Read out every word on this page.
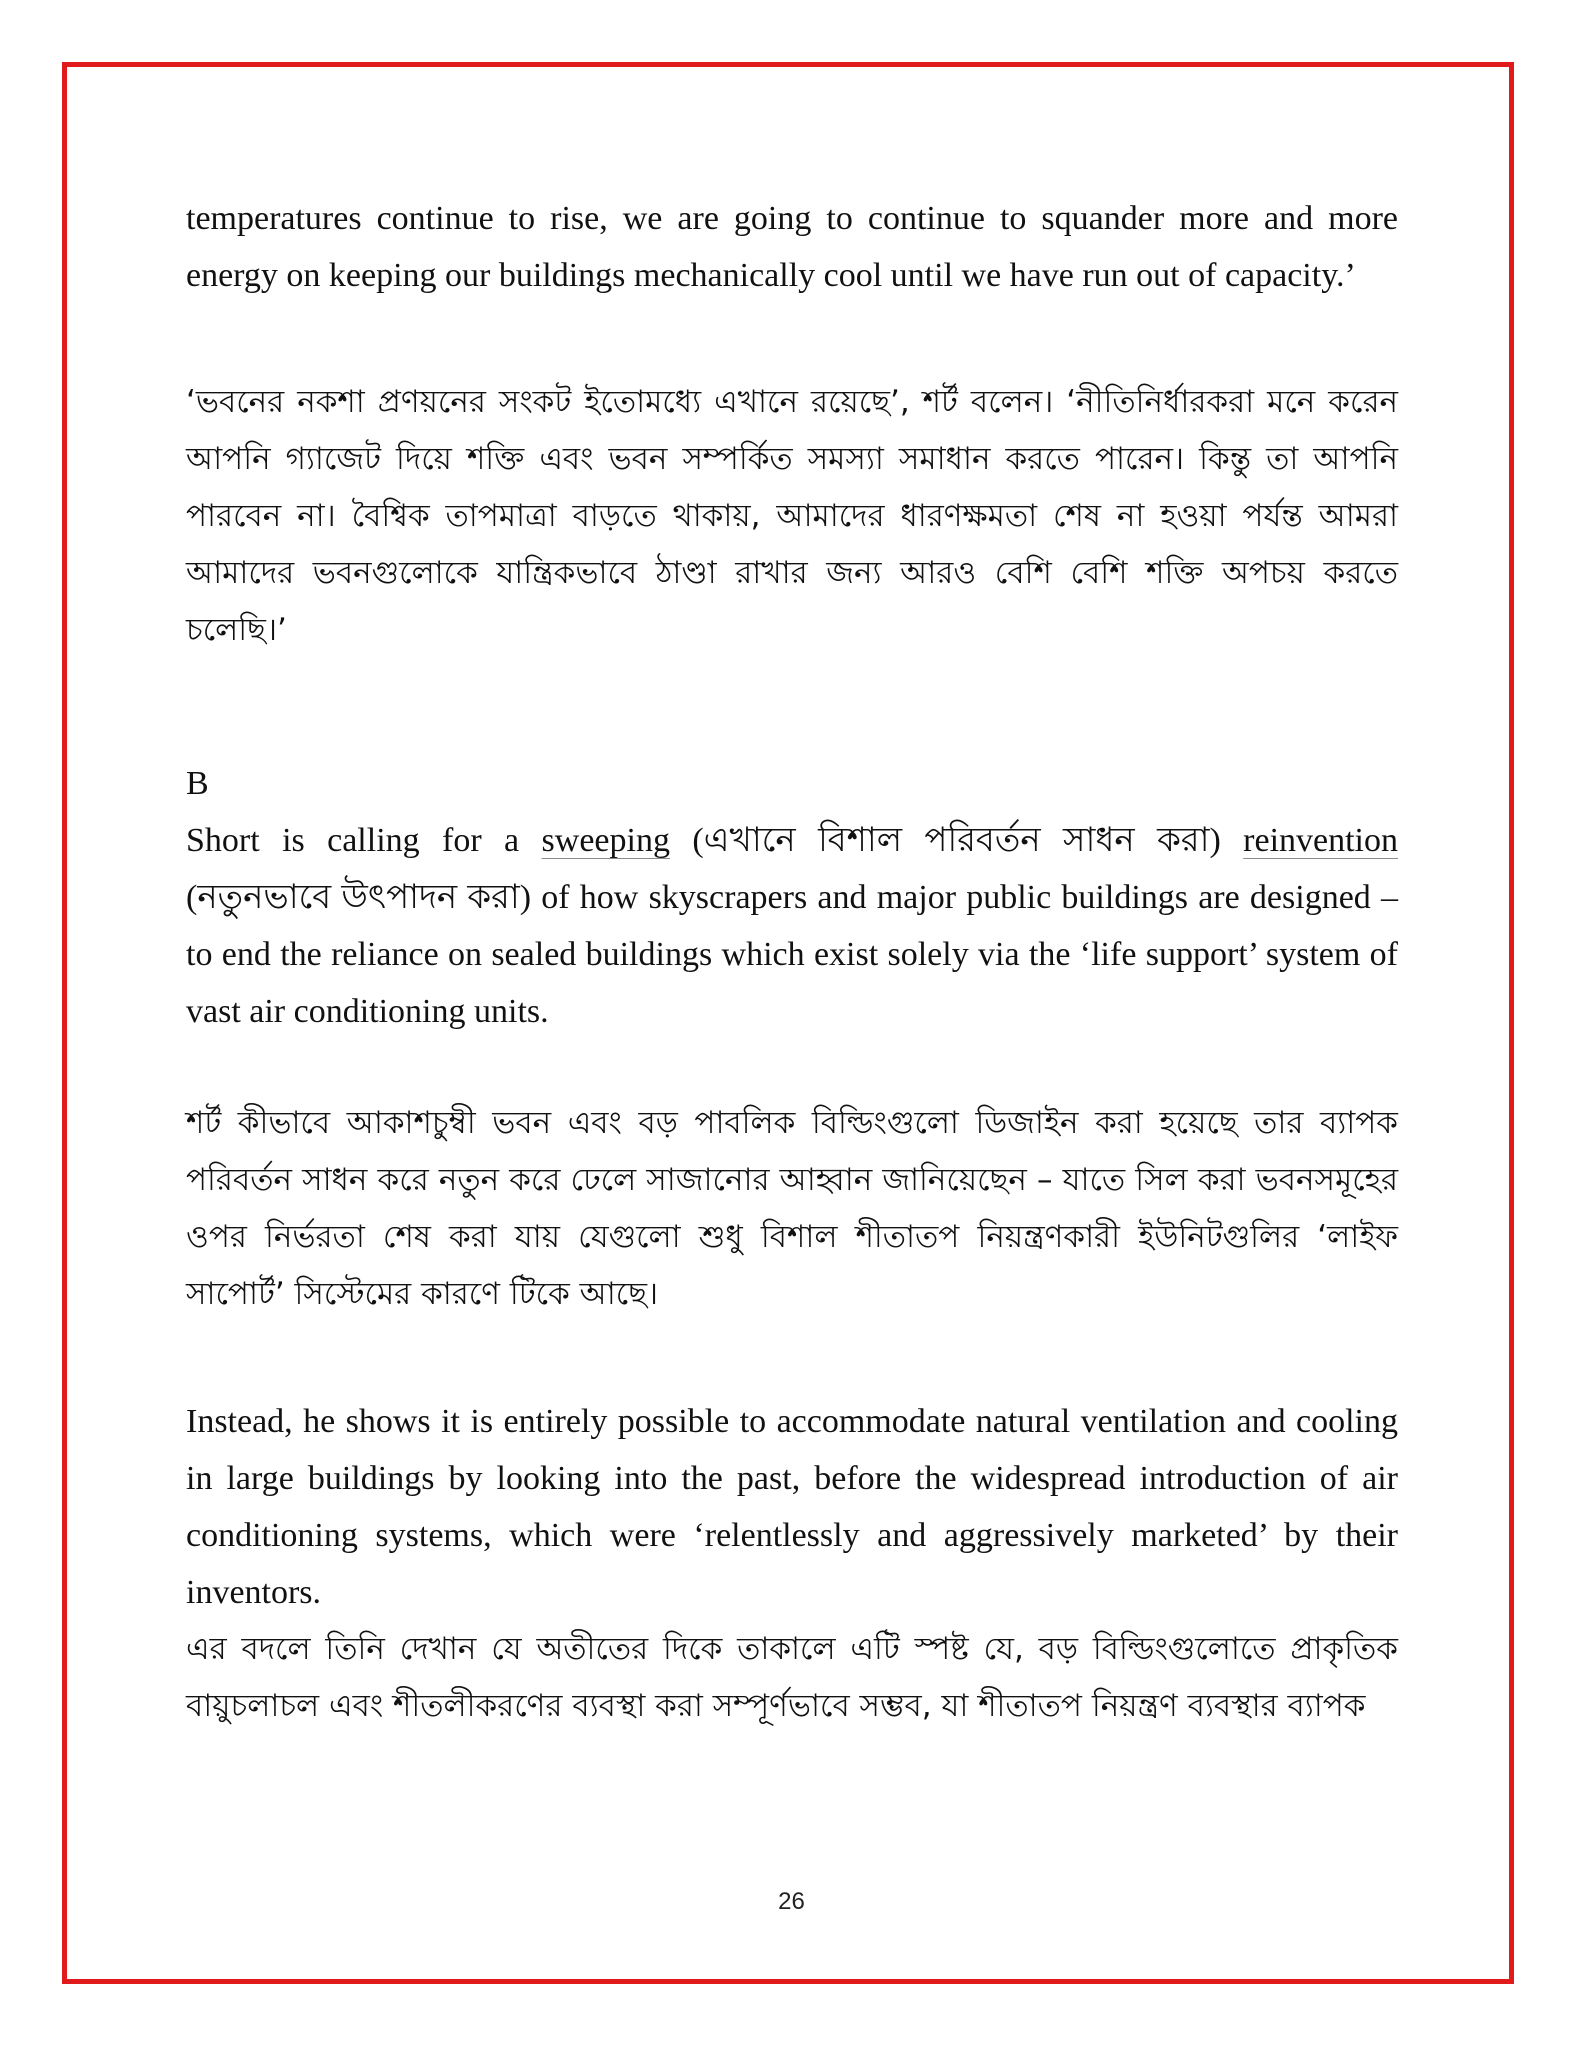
temperatures continue to rise, we are going to continue to squander more and more energy on keeping our buildings mechanically cool until we have run out of capacity.’

‘ভবনের নকশা প্রণয়নের সংকট ইতোমধ্যে এখানে রয়েছে’, শর্ট বলেন। ‘নীতিনির্ধারকরা মনে করেন আপনি গ্যাজেট দিয়ে শক্তি এবং ভবন সম্পর্কিত সমস্যা সমাধান করতে পারেন। কিন্তু তা আপনি পারবেন না। বৈশ্বিক তাপমাত্রা বাড়তে থাকায়, আমাদের ধারণক্ষমতা শেষ না হওয়া পর্যন্ত আমরা আমাদের ভবনগুলোকে যান্ত্রিকভাবে ঠাণ্ডা রাখার জন্য আরও বেশি বেশি শক্তি অপচয় করতে চলেছি।’

B

Short is calling for a sweeping (এখানে বিশাল পরিবর্তন সাধন করা) reinvention (নতুনভাবে উৎপাদন করা) of how skyscrapers and major public buildings are designed – to end the reliance on sealed buildings which exist solely via the ‘life support’ system of vast air conditioning units.

শর্ট কীভাবে আকাশচুম্বী ভবন এবং বড় পাবলিক বিল্ডিংগুলো ডিজাইন করা হয়েছে তার ব্যাপক পরিবর্তন সাধন করে নতুন করে ঢেলে সাজানোর আহ্বান জানিয়েছেন – যাতে সিল করা ভবনসমূহের ওপর নির্ভরতা শেষ করা যায় যেগুলো শুধু বিশাল শীতাতপ নিয়ন্ত্রণকারী ইউনিটগুলির ‘লাইফ সাপোর্ট’ সিস্টেমের কারণে টিকে আছে।

Instead, he shows it is entirely possible to accommodate natural ventilation and cooling in large buildings by looking into the past, before the widespread introduction of air conditioning systems, which were ‘relentlessly and aggressively marketed’ by their inventors.

এর বদলে তিনি দেখান যে অতীতের দিকে তাকালে এটি স্পষ্ট যে, বড় বিল্ডিংগুলোতে প্রাকৃতিক বায়ুচলাচল এবং শীতলীকরণের ব্যবস্থা করা সম্পূর্ণভাবে সম্ভব, যা শীতাতপ নিয়ন্ত্রণ ব্যবস্থার ব্যাপক

26
